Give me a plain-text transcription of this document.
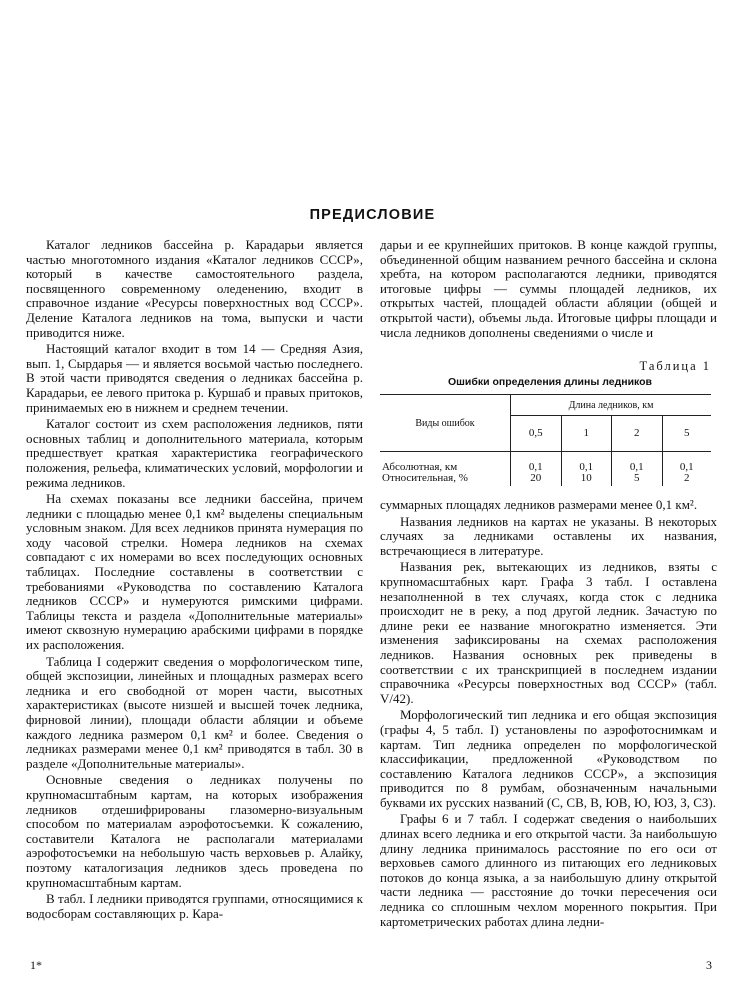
ПРЕДИСЛОВИЕ

Каталог ледников бассейна р. Карадарьи является частью многотомного издания «Каталог ледников СССР», который в качестве самостоятельного раздела, посвященного современному оледенению, входит в справочное издание «Ресурсы поверхностных вод СССР». Деление Каталога ледников на тома, выпуски и части приводится ниже.

Настоящий каталог входит в том 14 — Средняя Азия, вып. 1, Сырдарья — и является восьмой частью последнего. В этой части приводятся сведения о ледниках бассейна р. Карадарьи, ее левого притока р. Куршаб и правых притоков, принимаемых ею в нижнем и среднем течении.

Каталог состоит из схем расположения ледников, пяти основных таблиц и дополнительного материала, которым предшествует краткая характеристика географического положения, рельефа, климатических условий, морфологии и режима ледников.

На схемах показаны все ледники бассейна, причем ледники с площадью менее 0,1 км² выделены специальным условным знаком. Для всех ледников принята нумерация по ходу часовой стрелки. Номера ледников на схемах совпадают с их номерами во всех последующих основных таблицах. Последние составлены в соответствии с требованиями «Руководства по составлению Каталога ледников СССР» и нумеруются римскими цифрами. Таблицы текста и раздела «Дополнительные материалы» имеют сквозную нумерацию арабскими цифрами в порядке их расположения.

Таблица I содержит сведения о морфологическом типе, общей экспозиции, линейных и площадных размерах всего ледника и его свободной от морен части, высотных характеристиках (высоте низшей и высшей точек ледника, фирновой линии), площади области абляции и объеме каждого ледника размером 0,1 км² и более. Сведения о ледниках размерами менее 0,1 км² приводятся в табл. 30 в разделе «Дополнительные материалы».

Основные сведения о ледниках получены по крупномасштабным картам, на которых изображения ледников отдешифрированы глазомерно-визуальным способом по материалам аэрофотосъемки. К сожалению, составители Каталога не располагали материалами аэрофотосъемки на небольшую часть верховьев р. Алайку, поэтому каталогизация ледников здесь проведена по крупномасштабным картам.

В табл. I ледники приводятся группами, относящимися к водосборам составляющих р. Кара-

дарьи и ее крупнейших притоков. В конце каждой группы, объединенной общим названием речного бассейна и склона хребта, на котором располагаются ледники, приводятся итоговые цифры — суммы площадей ледников, их открытых частей, площадей области абляции (общей и открытой части), объемы льда. Итоговые цифры площади и числа ледников дополнены сведениями о числе и

Таблица 1
Ошибки определения длины ледников
Виды ошибок	Длина ледников, км			
	0,5	1	2	5
Абсолютная, км	0,1	0,1	0,1	0,1
Относительная, %	20	10	5	2

суммарных площадях ледников размерами менее 0,1 км².

Названия ледников на картах не указаны. В некоторых случаях за ледниками оставлены их названия, встречающиеся в литературе.

Названия рек, вытекающих из ледников, взяты с крупномасштабных карт. Графа 3 табл. I оставлена незаполненной в тех случаях, когда сток с ледника происходит не в реку, а под другой ледник. Зачастую по длине реки ее название многократно изменяется. Эти изменения зафиксированы на схемах расположения ледников. Названия основных рек приведены в соответствии с их транскрипцией в последнем издании справочника «Ресурсы поверхностных вод СССР» (табл. V/42).

Морфологический тип ледника и его общая экспозиция (графы 4, 5 табл. I) установлены по аэрофотоснимкам и картам. Тип ледника определен по морфологической классификации, предложенной «Руководством по составлению Каталога ледников СССР», а экспозиция приводится по 8 румбам, обозначенным начальными буквами их русских названий (С, СВ, В, ЮВ, Ю, ЮЗ, З, СЗ).

Графы 6 и 7 табл. I содержат сведения о наибольших длинах всего ледника и его открытой части. За наибольшую длину ледника принималось расстояние по его оси от верховьев самого длинного из питающих его ледниковых потоков до конца языка, а за наибольшую длину открытой части ледника — расстояние до точки пересечения оси ледника со сплошным чехлом моренного покрытия. При картометрических работах длина ледни-

1*	3
